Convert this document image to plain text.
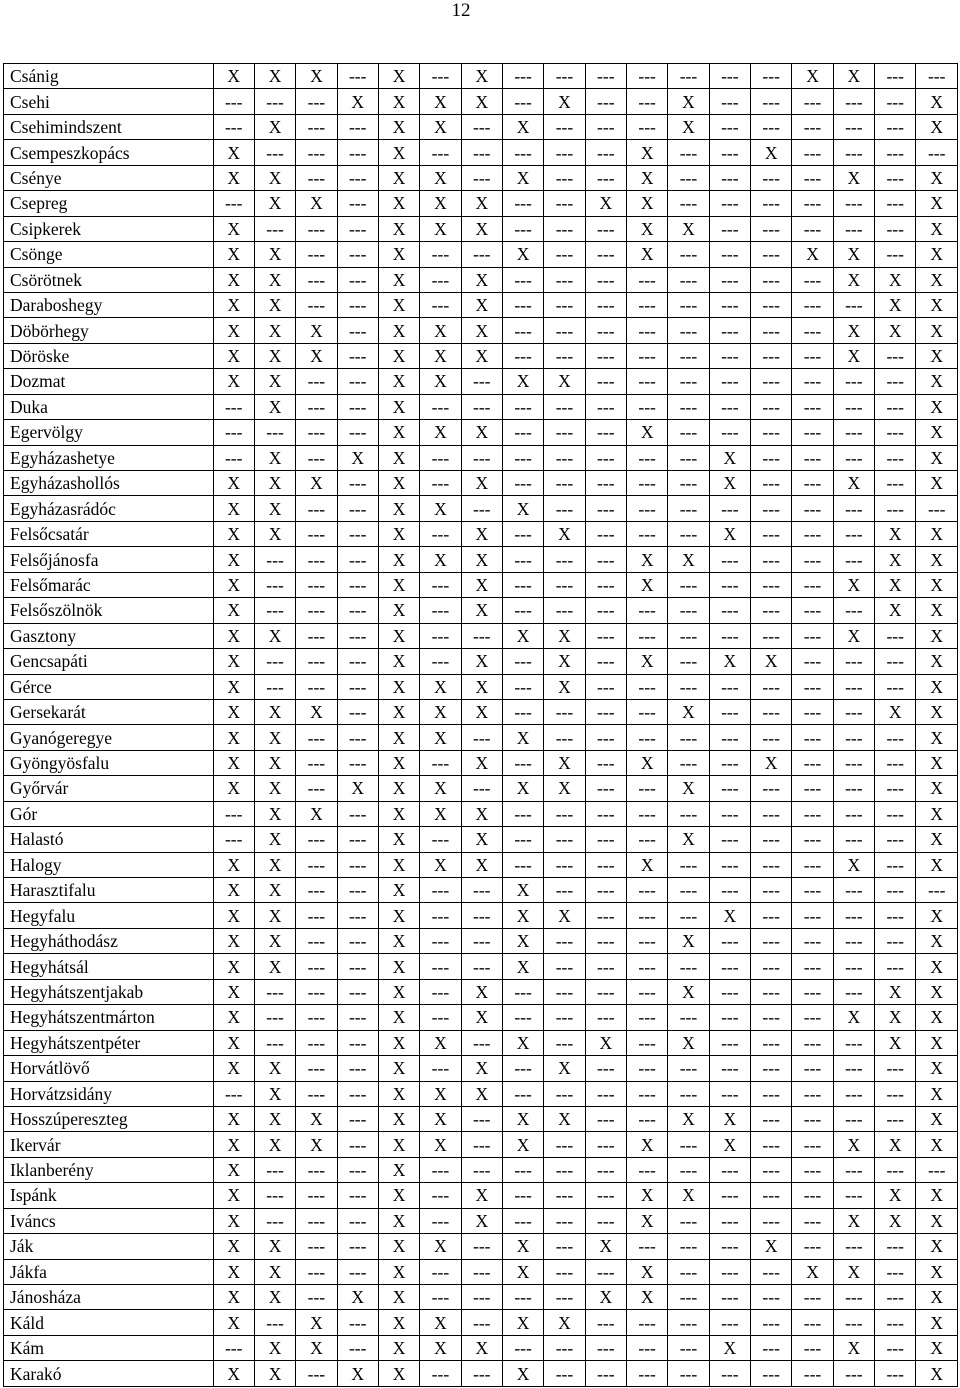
12
Csánig	X	X	X	---	X	---	X	---	---	---	---	---	---	---	X	X	---	---
Csehi	---	---	---	X	X	X	X	---	X	---	---	X	---	---	---	---	---	X
Csehimindszent	---	X	---	---	X	X	---	X	---	---	---	X	---	---	---	---	---	X
Csempeszkopács	X	---	---	---	X	---	---	---	---	---	X	---	---	X	---	---	---	---
Csénye	X	X	---	---	X	X	---	X	---	---	X	---	---	---	---	X	---	X
Csepreg	---	X	X	---	X	X	X	---	---	X	X	---	---	---	---	---	---	X
Csipkerek	X	---	---	---	X	X	X	---	---	---	X	X	---	---	---	---	---	X
Csönge	X	X	---	---	X	---	---	X	---	---	X	---	---	---	X	X	---	X
Csörötnek	X	X	---	---	X	---	X	---	---	---	---	---	---	---	---	X	X	X
Daraboshegy	X	X	---	---	X	---	X	---	---	---	---	---	---	---	---	---	X	X
Döbörhegy	X	X	X	---	X	X	X	---	---	---	---	---	---	---	---	X	X	X
Döröske	X	X	X	---	X	X	X	---	---	---	---	---	---	---	---	X	---	X
Dozmat	X	X	---	---	X	X	---	X	X	---	---	---	---	---	---	---	---	X
Duka	---	X	---	---	X	---	---	---	---	---	---	---	---	---	---	---	---	X
Egervölgy	---	---	---	---	X	X	X	---	---	---	X	---	---	---	---	---	---	X
Egyházashetye	---	X	---	X	X	---	---	---	---	---	---	---	X	---	---	---	---	X
Egyházashollós	X	X	X	---	X	---	X	---	---	---	---	---	X	---	---	X	---	X
Egyházasrádóc	X	X	---	---	X	X	---	X	---	---	---	---	---	---	---	---	---	---
Felsőcsatár	X	X	---	---	X	---	X	---	X	---	---	---	X	---	---	---	X	X
Felsőjánosfa	X	---	---	---	X	X	X	---	---	---	X	X	---	---	---	---	X	X
Felsőmarác	X	---	---	---	X	---	X	---	---	---	X	---	---	---	---	X	X	X
Felsőszölnök	X	---	---	---	X	---	X	---	---	---	---	---	---	---	---	---	X	X
Gasztony	X	X	---	---	X	---	---	X	X	---	---	---	---	---	---	X	---	X
Gencsapáti	X	---	---	---	X	---	X	---	X	---	X	---	X	X	---	---	---	X
Gérce	X	---	---	---	X	X	X	---	X	---	---	---	---	---	---	---	---	X
Gersekarát	X	X	X	---	X	X	X	---	---	---	---	X	---	---	---	---	X	X
Gyanógeregye	X	X	---	---	X	X	---	X	---	---	---	---	---	---	---	---	---	X
Gyöngyösfalu	X	X	---	---	X	---	X	---	X	---	X	---	---	X	---	---	---	X
Győrvár	X	X	---	X	X	X	---	X	X	---	---	X	---	---	---	---	---	X
Gór	---	X	X	---	X	X	X	---	---	---	---	---	---	---	---	---	---	X
Halastó	---	X	---	---	X	---	X	---	---	---	---	X	---	---	---	---	---	X
Halogy	X	X	---	---	X	X	X	---	---	---	X	---	---	---	---	X	---	X
Harasztifalu	X	X	---	---	X	---	---	X	---	---	---	---	---	---	---	---	---	---
Hegyfalu	X	X	---	---	X	---	---	X	X	---	---	---	X	---	---	---	---	X
Hegyháthodász	X	X	---	---	X	---	---	X	---	---	---	X	---	---	---	---	---	X
Hegyhátsál	X	X	---	---	X	---	---	X	---	---	---	---	---	---	---	---	---	X
Hegyhátszentjakab	X	---	---	---	X	---	X	---	---	---	---	X	---	---	---	---	X	X
Hegyhátszentmárton	X	---	---	---	X	---	X	---	---	---	---	---	---	---	---	X	X	X
Hegyhátszentpéter	X	---	---	---	X	X	---	X	---	X	---	X	---	---	---	---	X	X
Horvátlövő	X	X	---	---	X	---	X	---	X	---	---	---	---	---	---	---	---	X
Horvátzsidány	---	X	---	---	X	X	X	---	---	---	---	---	---	---	---	---	---	X
Hosszúpereszteg	X	X	X	---	X	X	---	X	X	---	---	X	X	---	---	---	---	X
Ikervár	X	X	X	---	X	X	---	X	---	---	X	---	X	---	---	X	X	X
Iklanberény	X	---	---	---	X	---	---	---	---	---	---	---	---	---	---	---	---	---
Ispánk	X	---	---	---	X	---	X	---	---	---	X	X	---	---	---	---	X	X
Iváncs	X	---	---	---	X	---	X	---	---	---	X	---	---	---	---	X	X	X
Ják	X	X	---	---	X	X	---	X	---	X	---	---	---	X	---	---	---	X
Jákfa	X	X	---	---	X	---	---	X	---	---	X	---	---	---	X	X	---	X
Jánosháza	X	X	---	X	X	---	---	---	---	X	X	---	---	---	---	---	---	X
Káld	X	---	X	---	X	X	---	X	X	---	---	---	---	---	---	---	---	X
Kám	---	X	X	---	X	X	X	---	---	---	---	---	X	---	---	X	---	X
Karakó	X	X	---	X	X	---	---	X	---	---	---	---	---	---	---	---	---	X
